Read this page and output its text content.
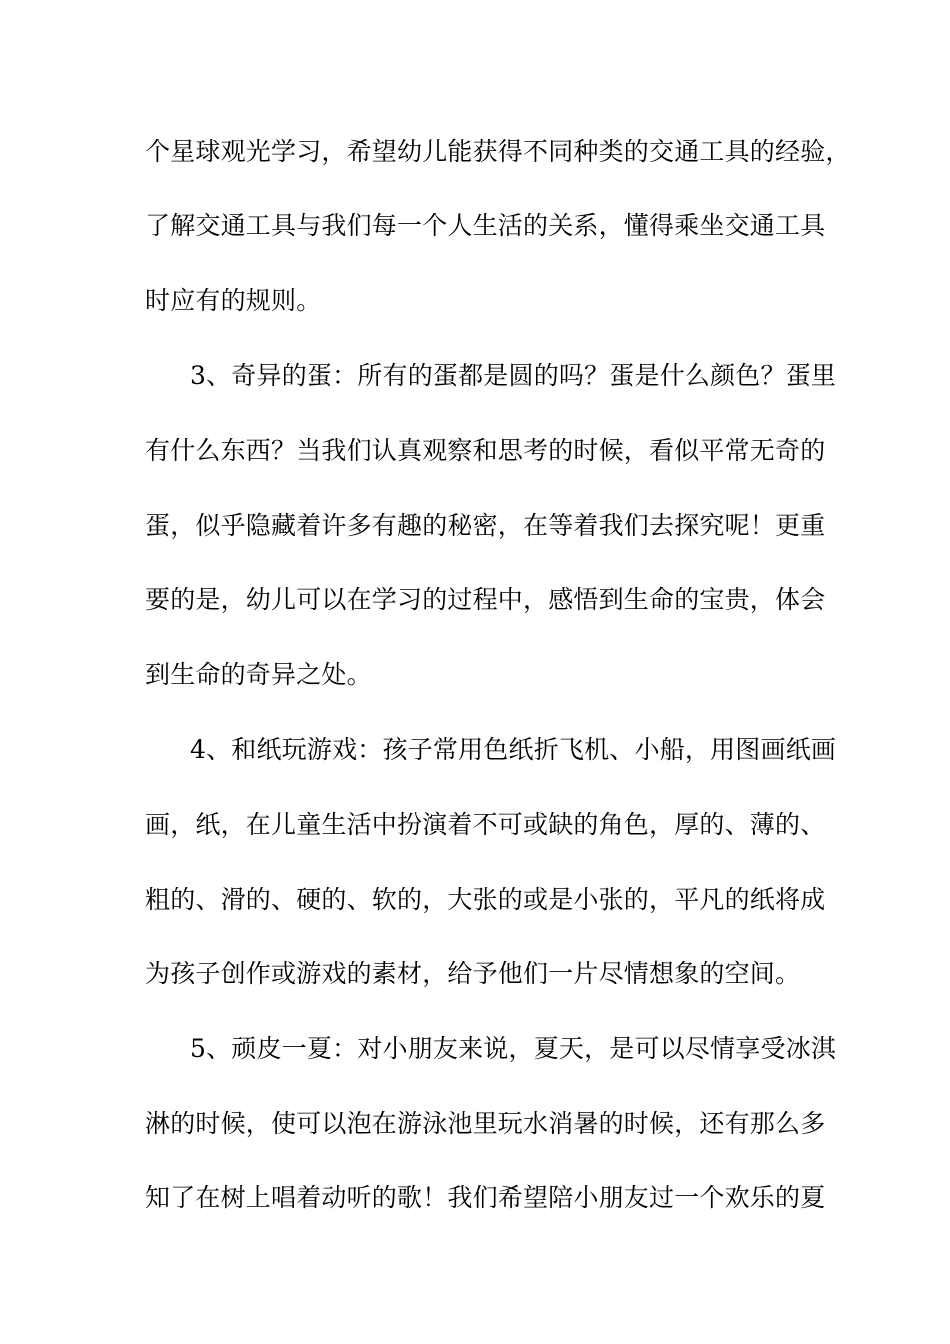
个星球观光学习，希望幼儿能获得不同种类的交通工具的经验，
了解交通工具与我们每一个人生活的关系，懂得乘坐交通工具
时应有的规则。
3、奇异的蛋：所有的蛋都是圆的吗？蛋是什么颜色？蛋里
有什么东西？当我们认真观察和思考的时候，看似平常无奇的
蛋，似乎隐藏着许多有趣的秘密，在等着我们去探究呢！更重
要的是，幼儿可以在学习的过程中，感悟到生命的宝贵，体会
到生命的奇异之处。
4、和纸玩游戏：孩子常用色纸折飞机、小船，用图画纸画
画，纸，在儿童生活中扮演着不可或缺的角色，厚的、薄的、
粗的、滑的、硬的、软的，大张的或是小张的，平凡的纸将成
为孩子创作或游戏的素材，给予他们一片尽情想象的空间。
5、顽皮一夏：对小朋友来说，夏天，是可以尽情享受冰淇
淋的时候，使可以泡在游泳池里玩水消暑的时候，还有那么多
知了在树上唱着动听的歌！我们希望陪小朋友过一个欢乐的夏
